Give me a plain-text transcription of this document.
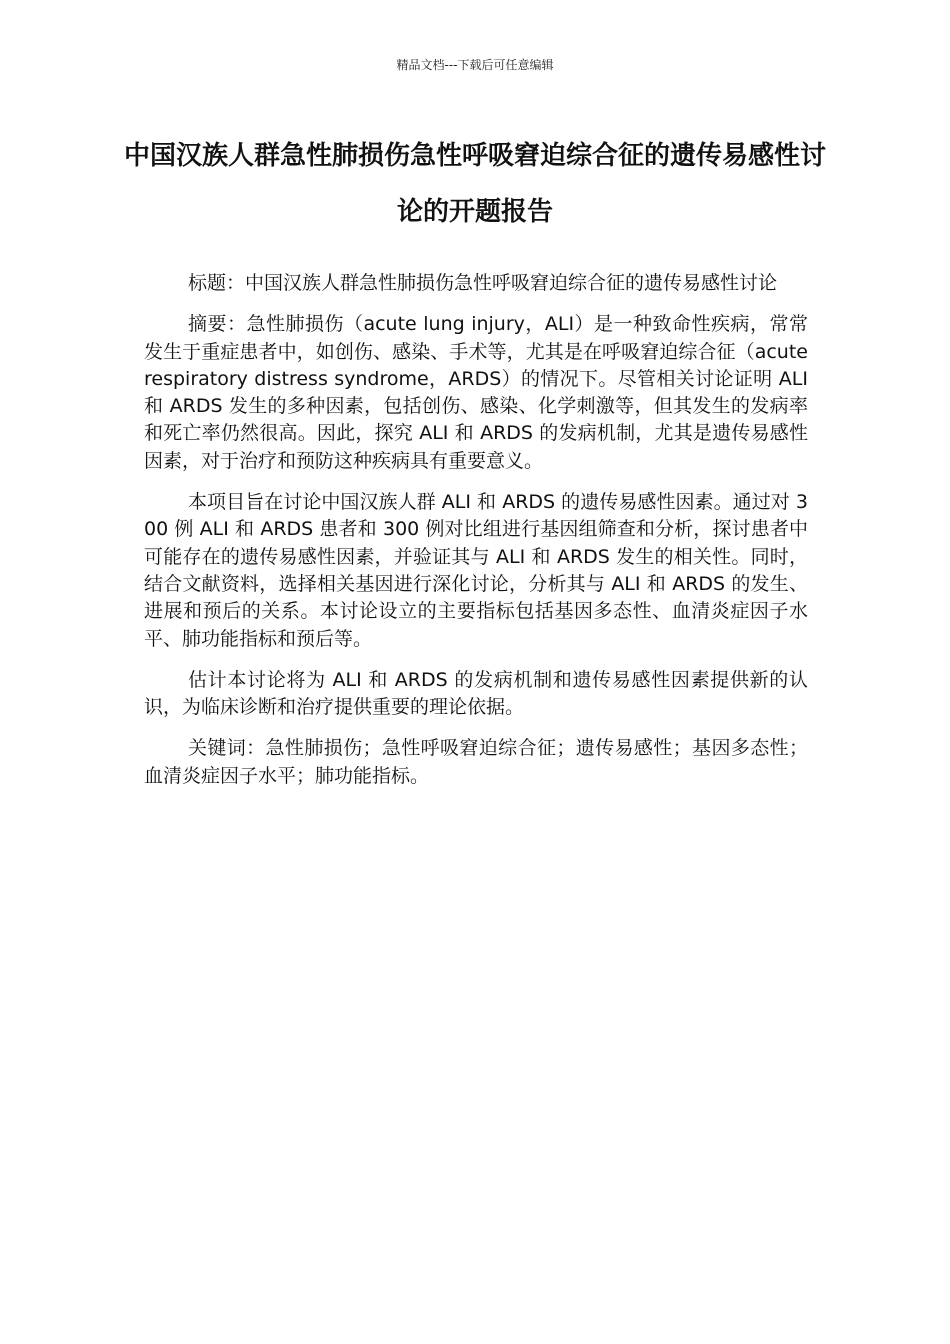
精品文档---下载后可任意编辑
中国汉族人群急性肺损伤急性呼吸窘迫综合征的遗传易感性讨论的开题报告

标题：中国汉族人群急性肺损伤急性呼吸窘迫综合征的遗传易感性讨论

摘要：急性肺损伤（acute lung injury，ALI）是一种致命性疾病，常常发生于重症患者中，如创伤、感染、手术等，尤其是在呼吸窘迫综合征（acute respiratory distress syndrome，ARDS）的情况下。尽管相关讨论证明 ALI 和 ARDS 发生的多种因素，包括创伤、感染、化学刺激等，但其发生的发病率和死亡率仍然很高。因此，探究 ALI 和 ARDS 的发病机制，尤其是遗传易感性因素，对于治疗和预防这种疾病具有重要意义。

本项目旨在讨论中国汉族人群 ALI 和 ARDS 的遗传易感性因素。通过对 300 例 ALI 和 ARDS 患者和 300 例对比组进行基因组筛查和分析，探讨患者中可能存在的遗传易感性因素，并验证其与 ALI 和 ARDS 发生的相关性。同时，结合文献资料，选择相关基因进行深化讨论，分析其与 ALI 和 ARDS 的发生、进展和预后的关系。本讨论设立的主要指标包括基因多态性、血清炎症因子水平、肺功能指标和预后等。

估计本讨论将为 ALI 和 ARDS 的发病机制和遗传易感性因素提供新的认识，为临床诊断和治疗提供重要的理论依据。

关键词：急性肺损伤；急性呼吸窘迫综合征；遗传易感性；基因多态性；血清炎症因子水平；肺功能指标。
